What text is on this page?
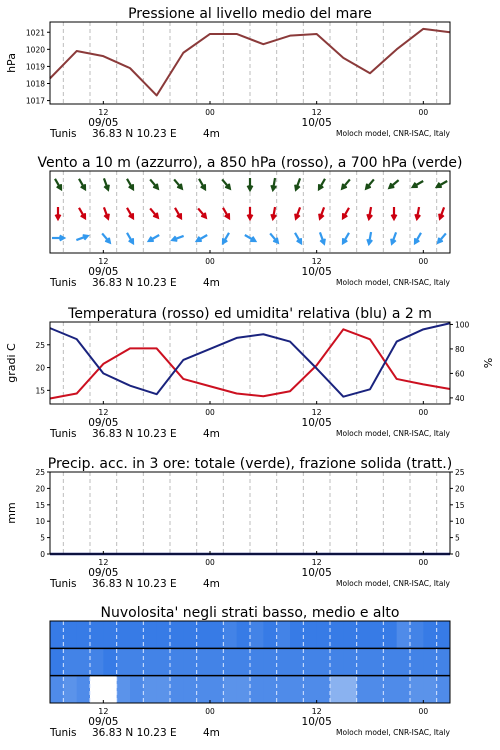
Pressione al livello medio del mare
1017
1018
1019
1020
1021
hPa
12	00	12	00
09/05	10/05
Tunis 36.83 N 10.23 E	4m	Moloch model, CNR-ISAC, Italy
Vento a 10 m (azzurro), a 850 hPa (rosso), a 700 hPa (verde)
12	00	12	00
09/05	10/05
Tunis 36.83 N 10.23 E	4m	Moloch model, CNR-ISAC, Italy
Temperatura (rosso) ed umidita' relativa (blu) a 2 m
15
20
25
40
60
80
100
gradi C	%
12	00	12	00
09/05	10/05
Tunis 36.83 N 10.23 E	4m	Moloch model, CNR-ISAC, Italy
Precip. acc. in 3 ore: totale (verde), frazione solida (tratt.)
0
5
10
15
20
25
0
5
10
15
20
25
mm
12	00	12	00
09/05	10/05
Tunis 36.83 N 10.23 E	4m	Moloch model, CNR-ISAC, Italy
Nuvolosita' negli strati basso, medio e alto
12	00	12	00
09/05	10/05
Tunis 36.83 N 10.23 E	4m	Moloch model, CNR-ISAC, Italy
